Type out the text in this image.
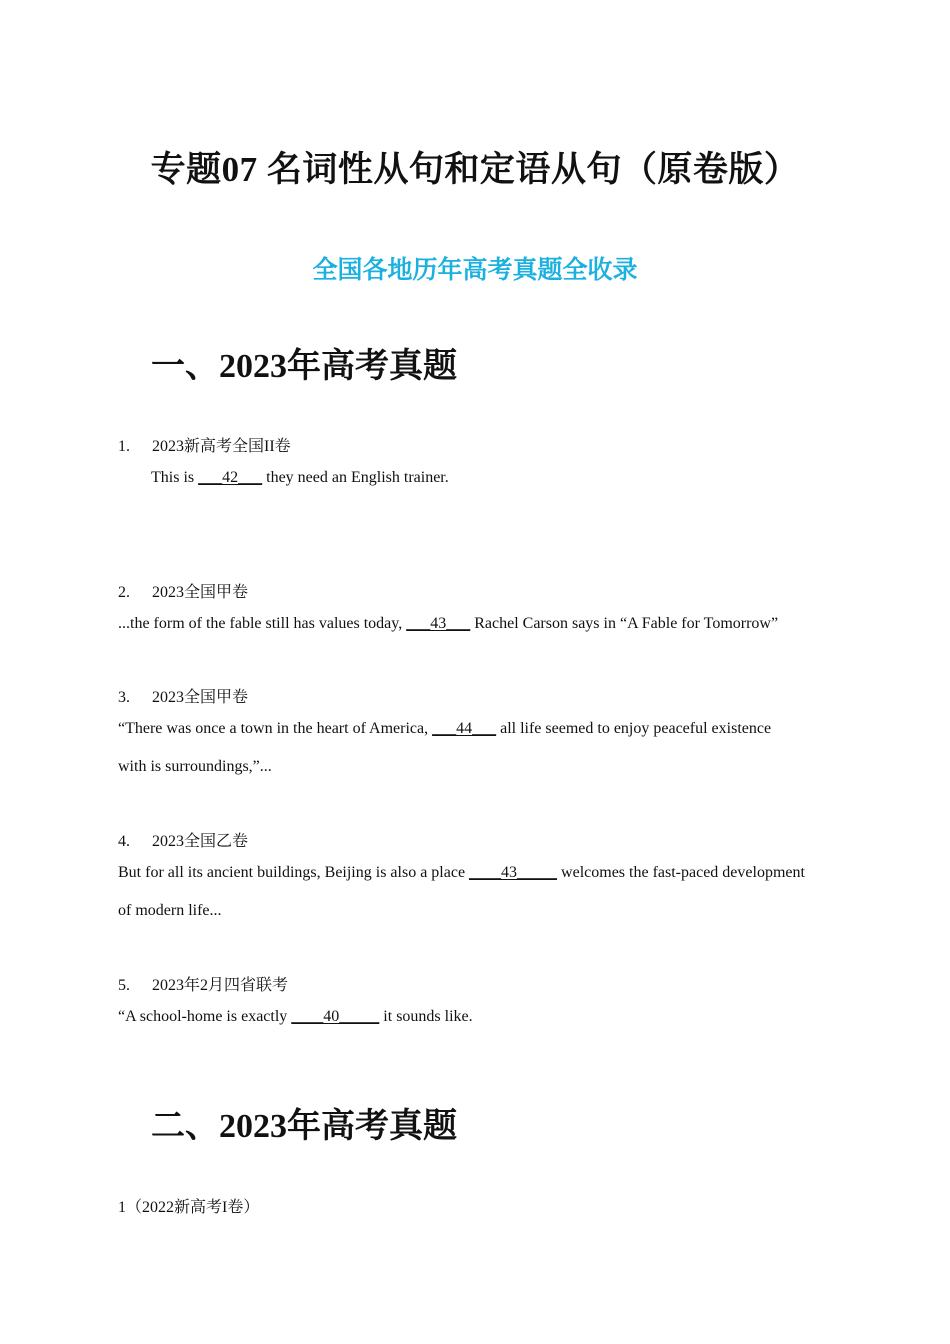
专题07 名词性从句和定语从句（原卷版）
全国各地历年高考真题全收录
一、2023年高考真题
1. 2023新高考全国II卷
This is ___42___ they need an English trainer.
2. 2023全国甲卷
...the form of the fable still has values today, ___43___ Rachel Carson says in “A Fable for Tomorrow”
3. 2023全国甲卷
“There was once a town in the heart of America, ___44___ all life seemed to enjoy peaceful existence
with is surroundings,”...
4. 2023全国乙卷
But for all its ancient buildings, Beijing is also a place ____43_____ welcomes the fast-paced development
of modern life...
5. 2023年2月四省联考
“A school-home is exactly ____40_____ it sounds like.
二、2023年高考真题
1（2022新高考I卷）
